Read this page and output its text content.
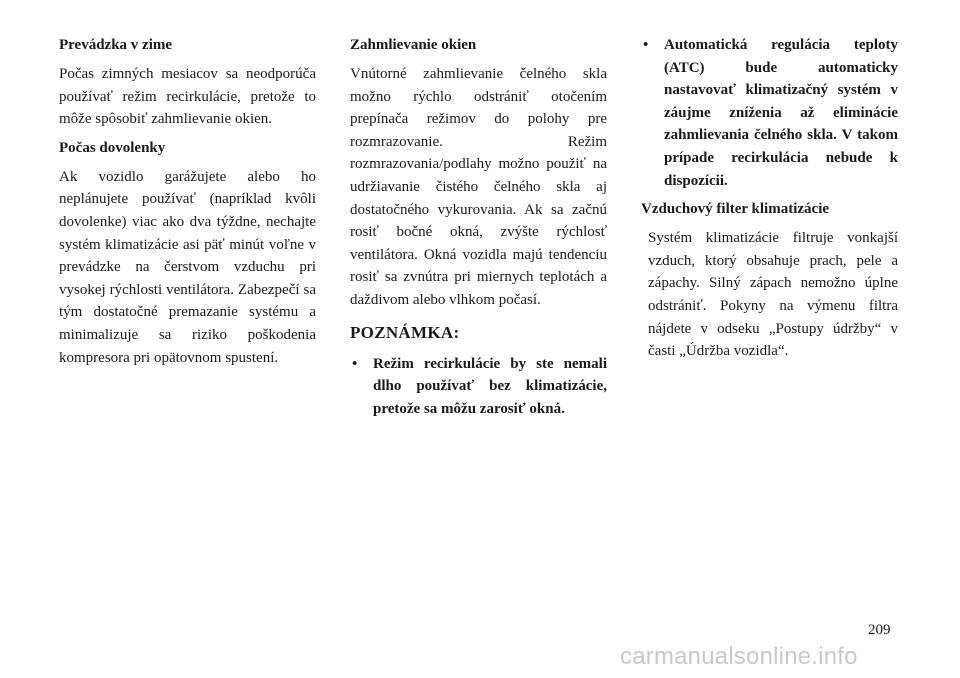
Prevádzka v zime
Počas zimných mesiacov sa neodporúča používať režim recirkulácie, pretože to môže spôsobiť zahmlievanie okien.
Počas dovolenky
Ak vozidlo garážujete alebo ho neplánujete používať (napríklad kvôli dovolenke) viac ako dva týždne, nechajte systém klimatizácie asi päť minút voľne v prevádzke na čerstvom vzduchu pri vysokej rýchlosti ventilátora. Zabezpečí sa tým dostatočné premazanie systému a minimalizuje sa riziko poškodenia kompresora pri opätovnom spustení.
Zahmlievanie okien
Vnútorné zahmlievanie čelného skla možno rýchlo odstrániť otočením prepínača režimov do polohy pre rozmrazovanie. Režim rozmrazovania/podlahy možno použiť na udržiavanie čistého čelného skla aj dostatočného vykurovania. Ak sa začnú rosiť bočné okná, zvýšte rýchlosť ventilátora. Okná vozidla majú tendenciu rosiť sa zvnútra pri miernych teplotách a daždivom alebo vlhkom počasí.
POZNÁMKA:
• Režim recirkulácie by ste nemali dlho používať bez klimatizácie, pretože sa môžu zarosiť okná.
• Automatická regulácia teploty (ATC) bude automaticky nastavovať klimatizačný systém v záujme zníženia až eliminácie zahmlievania čelného skla. V takom prípade recirkulácia nebude k dispozícii.
Vzduchový filter klimatizácie
Systém klimatizácie filtruje vonkajší vzduch, ktorý obsahuje prach, pele a zápachy. Silný zápach nemožno úplne odstrániť. Pokyny na výmenu filtra nájdete v odseku „Postupy údržby“ v časti „Údržba vozidla“.
209
carmanualsonline.info
